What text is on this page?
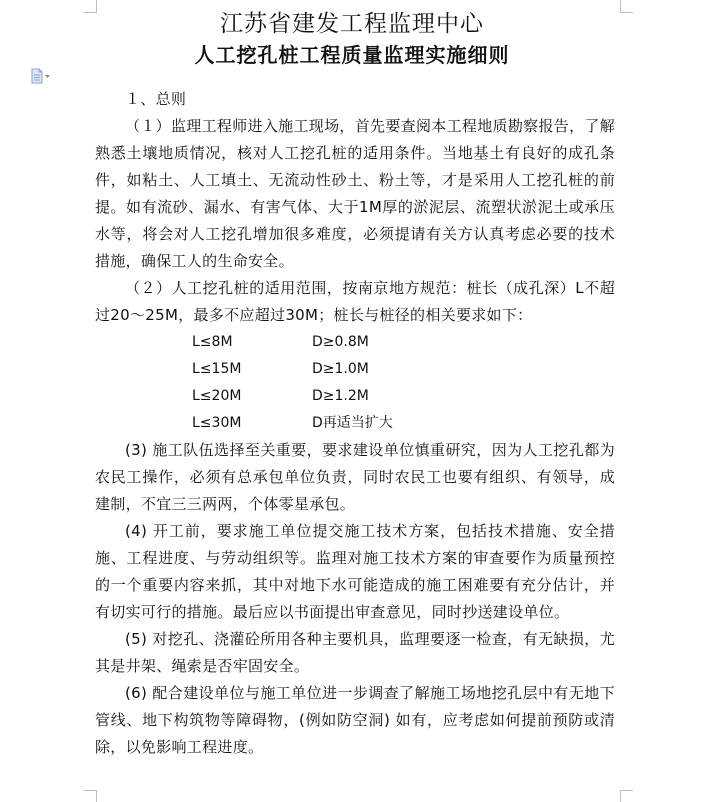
江苏省建发工程监理中心
人工挖孔桩工程质量监理实施细则

１、总则

（１）监理工程师进入施工现场，首先要查阅本工程地质勘察报告，了解熟悉土壤地质情况，核对人工挖孔桩的适用条件。当地基土有良好的成孔条件，如粘土、人工填土、无流动性砂土、粉土等，才是采用人工挖孔桩的前提。如有流砂、漏水、有害气体、大于1M厚的淤泥层、流塑状淤泥土或承压水等，将会对人工挖孔增加很多难度，必须提请有关方认真考虑必要的技术措施，确保工人的生命安全。

（２）人工挖孔桩的适用范围，按南京地方规范：桩长（成孔深）L不超过20～25M，最多不应超过30M；桩长与桩径的相关要求如下：

L≤8M	D≥0.8M
L≤15M	D≥1.0M
L≤20M	D≥1.2M
L≤30M	D再适当扩大

(3) 施工队伍选择至关重要，要求建设单位慎重研究，因为人工挖孔都为农民工操作，必须有总承包单位负责，同时农民工也要有组织、有领导，成建制，不宜三三两两，个体零星承包。

(4) 开工前，要求施工单位提交施工技术方案，包括技术措施、安全措施、工程进度、与劳动组织等。监理对施工技术方案的审查要作为质量预控的一个重要内容来抓，其中对地下水可能造成的施工困难要有充分估计，并有切实可行的措施。最后应以书面提出审查意见，同时抄送建设单位。

(5) 对挖孔、浇灌砼所用各种主要机具，监理要逐一检查，有无缺损，尤其是井架、绳索是否牢固安全。

(6) 配合建设单位与施工单位进一步调查了解施工场地挖孔层中有无地下管线、地下构筑物等障碍物，(例如防空洞) 如有，应考虑如何提前预防或清除，以免影响工程进度。
